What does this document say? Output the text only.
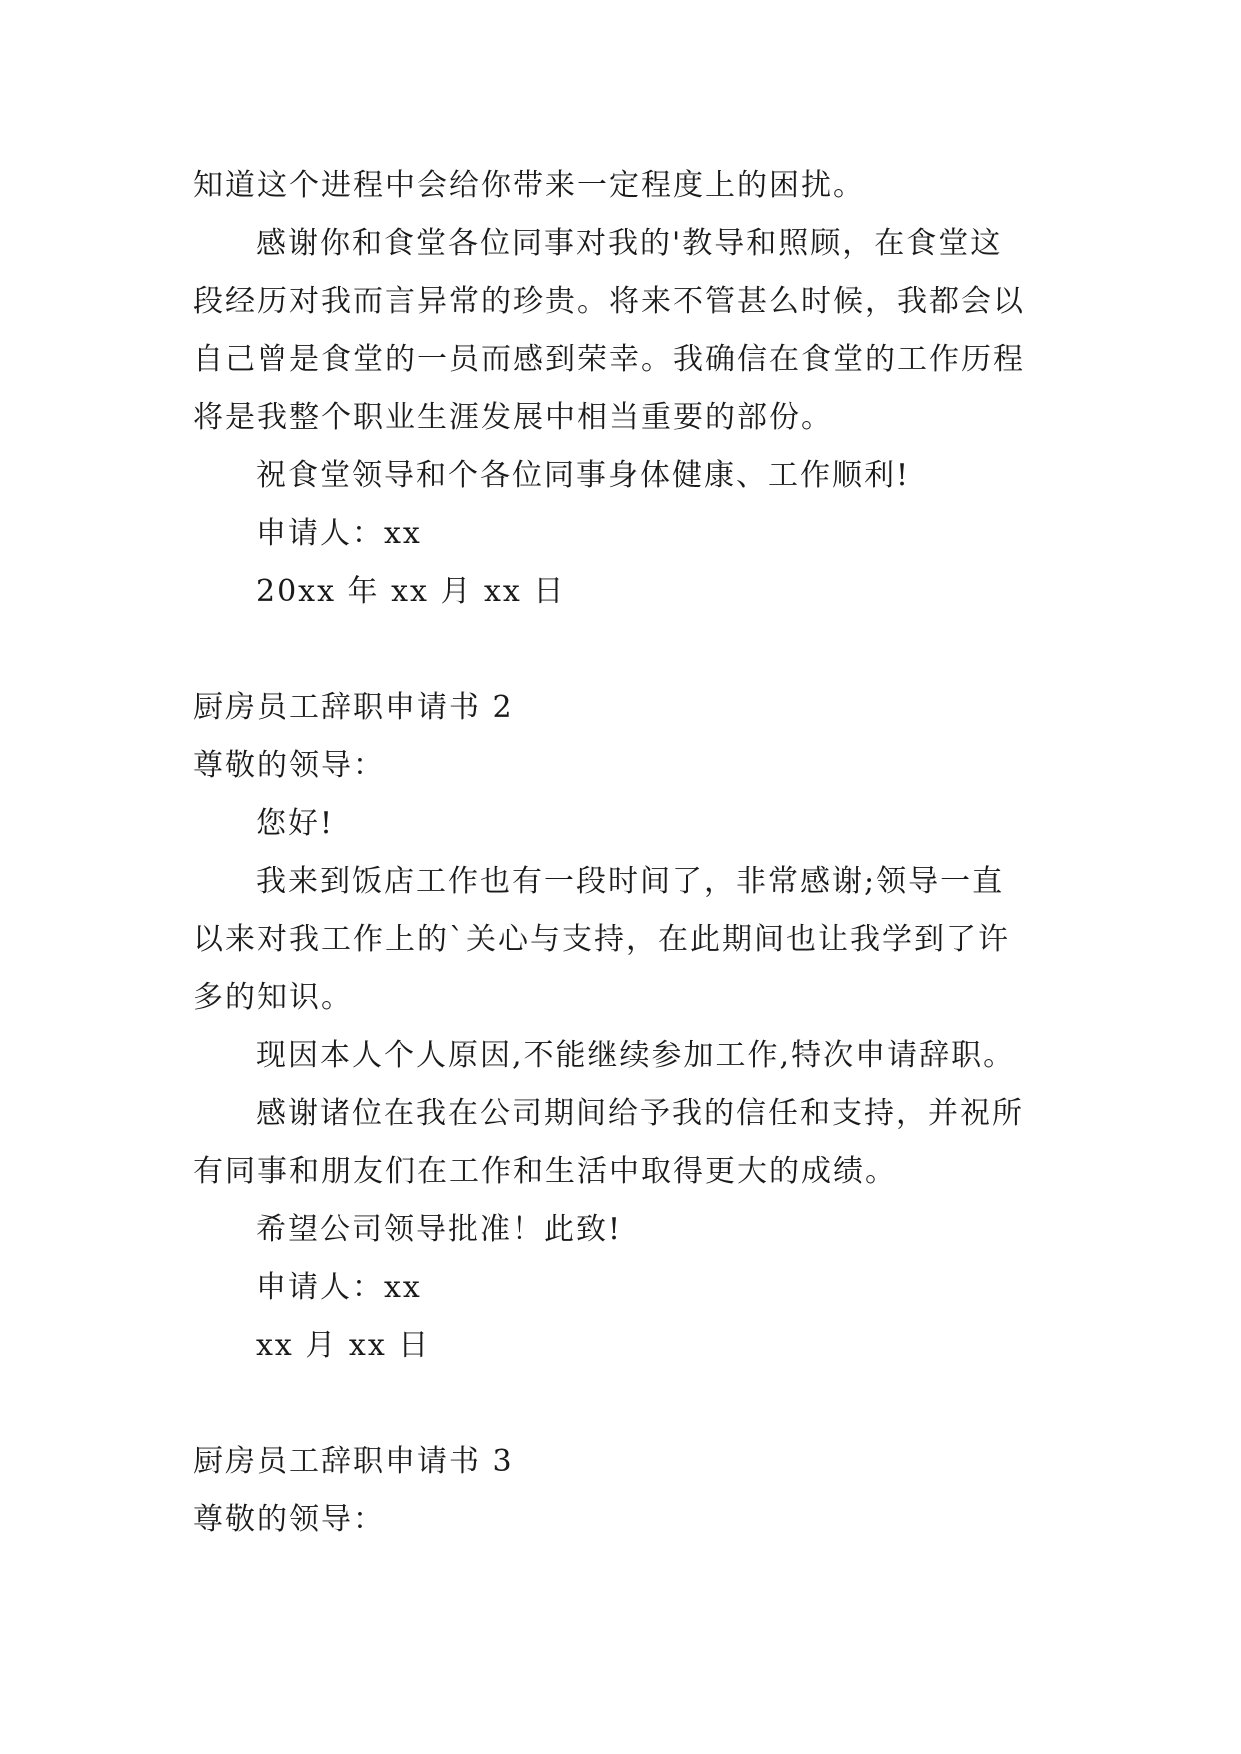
知道这个进程中会给你带来一定程度上的困扰。
感谢你和食堂各位同事对我的'教导和照顾，在食堂这
段经历对我而言异常的珍贵。将来不管甚么时候，我都会以
自己曾是食堂的一员而感到荣幸。我确信在食堂的工作历程
将是我整个职业生涯发展中相当重要的部份。
祝食堂领导和个各位同事身体健康、工作顺利!
申请人：xx
20xx 年 xx 月 xx 日
厨房员工辞职申请书 2
尊敬的领导：
您好!
我来到饭店工作也有一段时间了，非常感谢;领导一直
以来对我工作上的`关心与支持，在此期间也让我学到了许
多的知识。
现因本人个人原因,不能继续参加工作,特次申请辞职。
感谢诸位在我在公司期间给予我的信任和支持，并祝所
有同事和朋友们在工作和生活中取得更大的成绩。
希望公司领导批准！此致!
申请人：xx
xx 月 xx 日
厨房员工辞职申请书 3
尊敬的领导：
